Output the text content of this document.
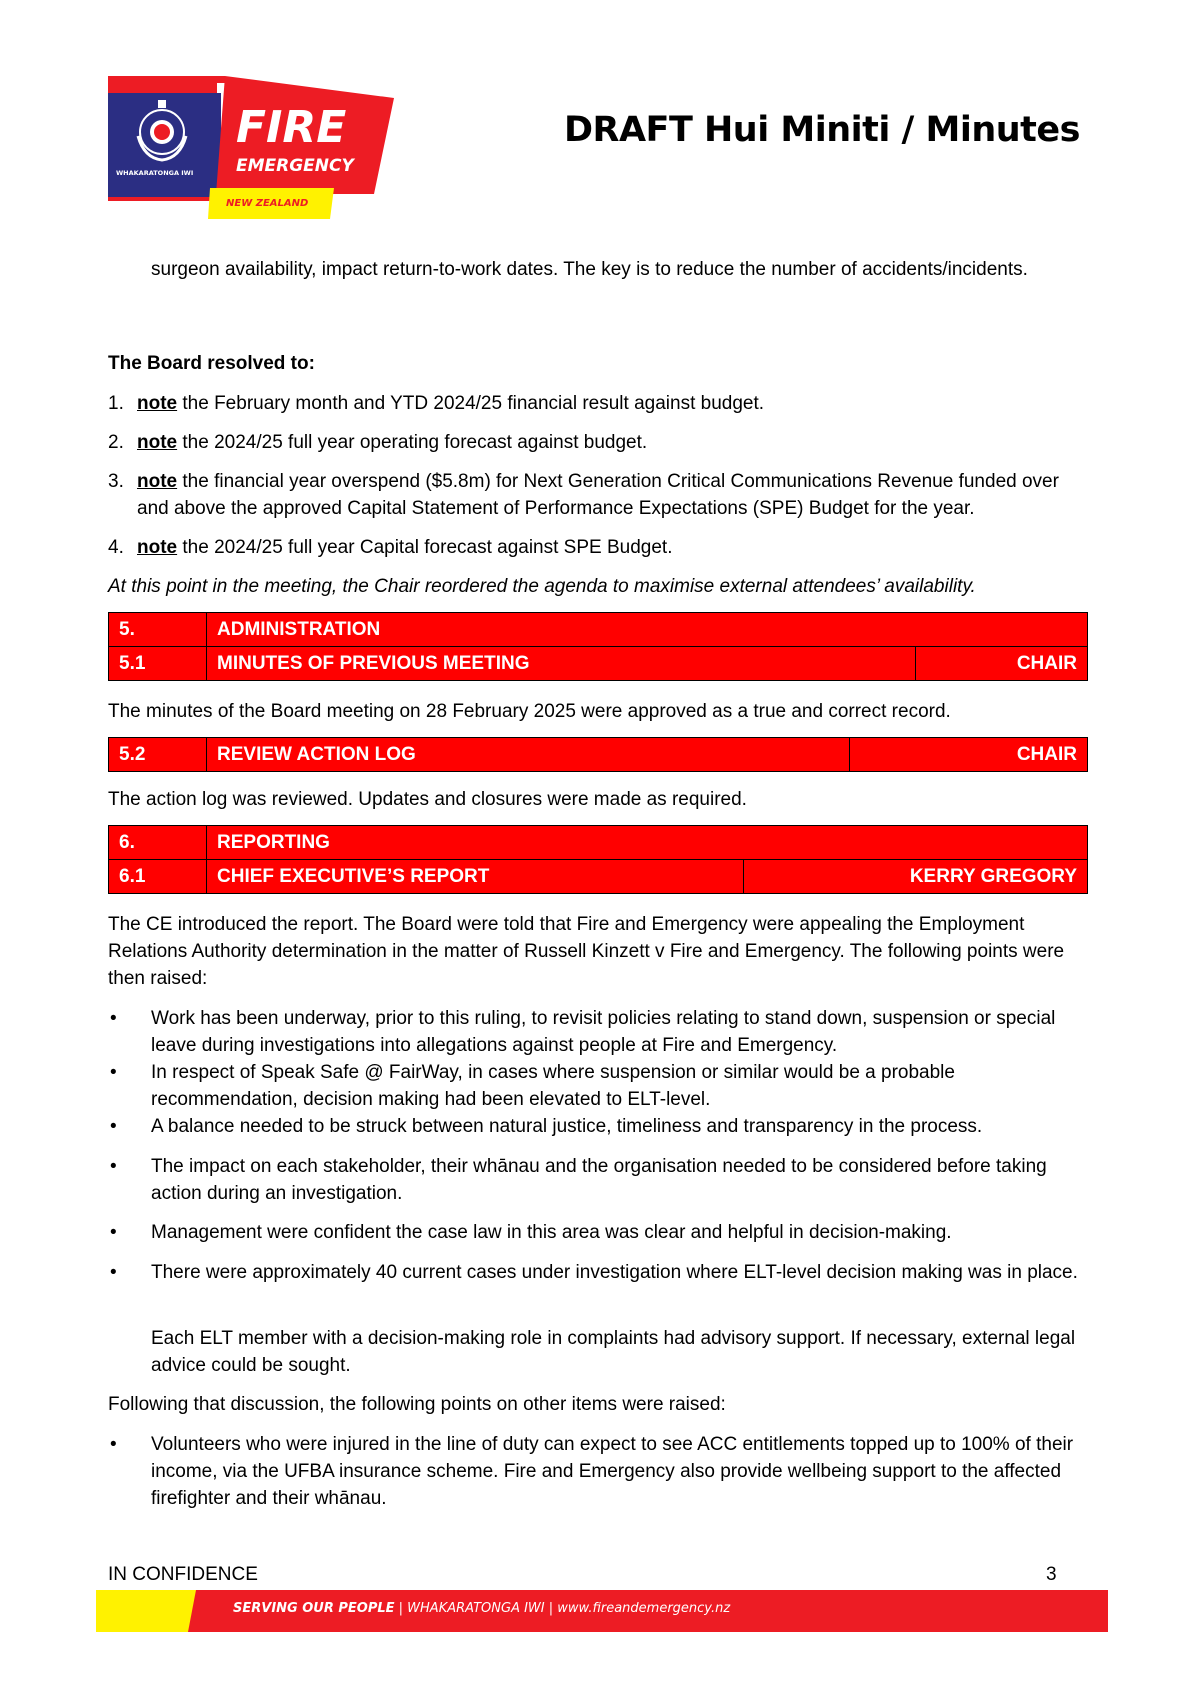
FIRE
EMERGENCY
NEW ZEALAND
WHAKARATONGA IWI
DRAFT Hui Miniti / Minutes
surgeon availability, impact return-to-work dates. The key is to reduce the number of accidents/incidents.
The Board resolved to:
1. note the February month and YTD 2024/25 financial result against budget.
2. note the 2024/25 full year operating forecast against budget.
3. note the financial year overspend ($5.8m) for Next Generation Critical Communications Revenue funded over and above the approved Capital Statement of Performance Expectations (SPE) Budget for the year.
4. note the 2024/25 full year Capital forecast against SPE Budget.
At this point in the meeting, the Chair reordered the agenda to maximise external attendees’ availability.
5.	ADMINISTRATION	
5.1	MINUTES OF PREVIOUS MEETING	CHAIR
The minutes of the Board meeting on 28 February 2025 were approved as a true and correct record.
5.2	REVIEW ACTION LOG	CHAIR
The action log was reviewed. Updates and closures were made as required.
6.	REPORTING	
6.1	CHIEF EXECUTIVE’S REPORT	KERRY GREGORY
The CE introduced the report. The Board were told that Fire and Emergency were appealing the Employment Relations Authority determination in the matter of Russell Kinzett v Fire and Emergency. The following points were then raised:
•	Work has been underway, prior to this ruling, to revisit policies relating to stand down, suspension or special leave during investigations into allegations against people at Fire and Emergency.
•	In respect of Speak Safe @ FairWay, in cases where suspension or similar would be a probable recommendation, decision making had been elevated to ELT-level.
•	A balance needed to be struck between natural justice, timeliness and transparency in the process.
•	The impact on each stakeholder, their whānau and the organisation needed to be considered before taking action during an investigation.
•	Management were confident the case law in this area was clear and helpful in decision-making.
•	There were approximately 40 current cases under investigation where ELT-level decision making was in place.
Each ELT member with a decision-making role in complaints had advisory support. If necessary, external legal advice could be sought.
Following that discussion, the following points on other items were raised:
•	Volunteers who were injured in the line of duty can expect to see ACC entitlements topped up to 100% of their income, via the UFBA insurance scheme. Fire and Emergency also provide wellbeing support to the affected firefighter and their whānau.
IN CONFIDENCE	3
SERVING OUR PEOPLE | WHAKARATONGA IWI | www.fireandemergency.nz
